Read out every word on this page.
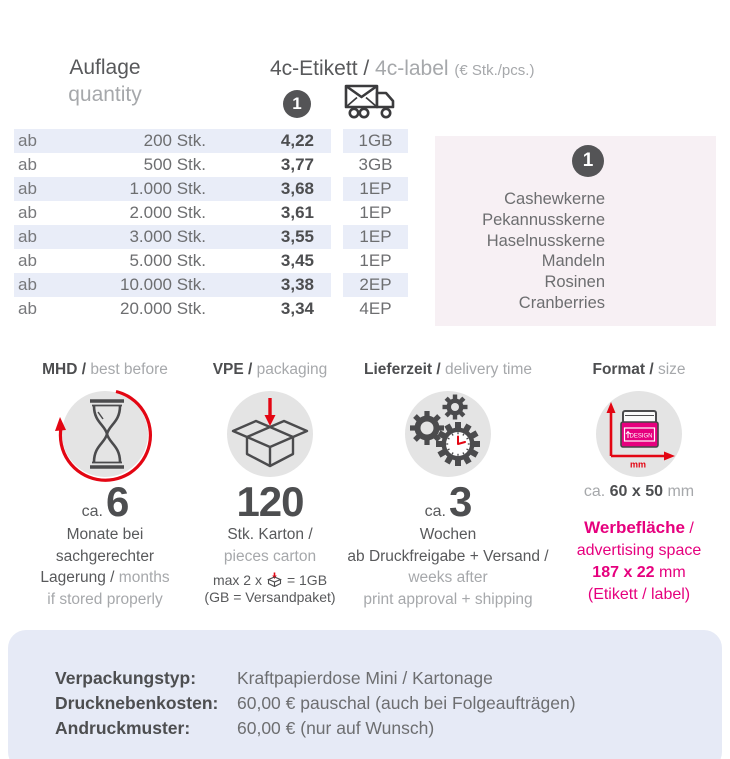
Auflage
quantity
4c-Etikett / 4c-label (€ Stk./pcs.)
1
ab	200 Stk.	4,22	1GB
ab	500 Stk.	3,77	3GB
ab	1.000 Stk.	3,68	1EP
ab	2.000 Stk.	3,61	1EP
ab	3.000 Stk.	3,55	1EP
ab	5.000 Stk.	3,45	1EP
ab	10.000 Stk.	3,38	2EP
ab	20.000 Stk.	3,34	4EP
1
Cashewkerne
Pekannusskerne
Haselnusskerne
Mandeln
Rosinen
Cranberries
MHD / best before
ca.6
Monate bei
sachgerechter
Lagerung / months
if stored properly
VPE / packaging
120
Stk. Karton /
pieces carton
max 2 x = 1GB
(GB = Versandpaket)
Lieferzeit / delivery time
ca.3
Wochen
ab Druckfreigabe + Versand /
weeks after
print approval + shipping
Format / size
mm
DESIGN
ca. 60 x 50 mm
Werbefläche /
advertising space
187 x 22 mm
(Etikett / label)
Verpackungstyp:	Kraftpapierdose Mini / Kartonage
Drucknebenkosten:	60,00 € pauschal (auch bei Folgeaufträgen)
Andruckmuster:	60,00 € (nur auf Wunsch)
